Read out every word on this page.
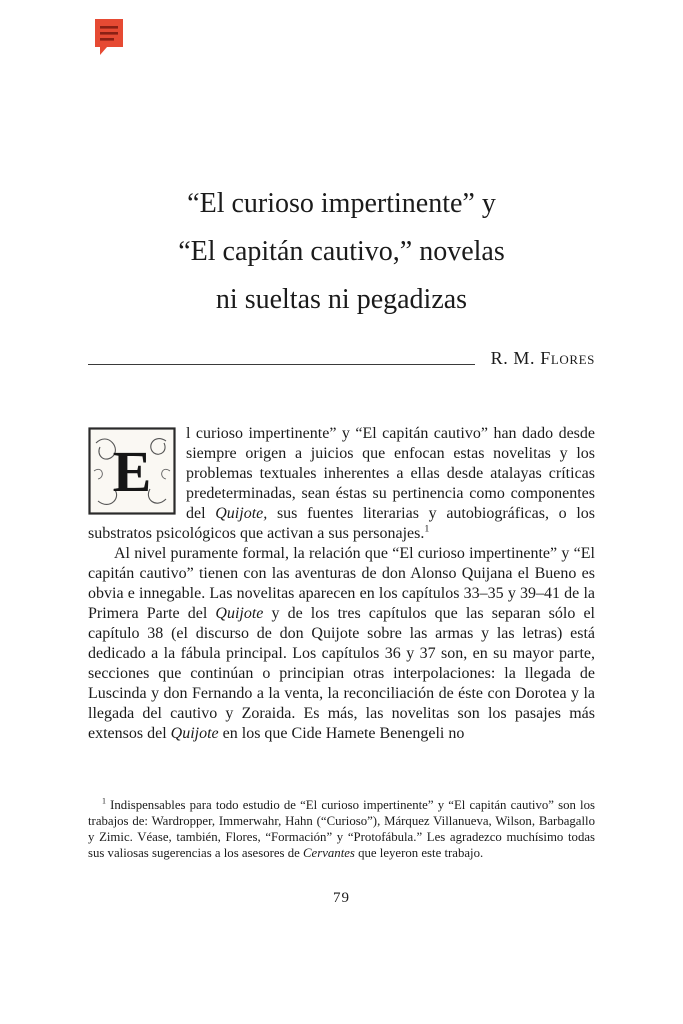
“El curioso impertinente” y
“El capitán cautivo,” novelas
ni sueltas ni pegadizas
R. M. Flores
E
l curioso impertinente” y “El capitán cautivo” han dado desde siempre origen a juicios que enfocan estas novelitas y los problemas textuales inherentes a ellas desde atalayas críticas predeterminadas, sean éstas su pertinencia como componentes del Quijote, sus fuentes literarias y autobiográficas, o los substratos psicológicos que activan a sus personajes.$^1$
Al nivel puramente formal, la relación que “El curioso impertinente” y “El capitán cautivo” tienen con las aventuras de don Alonso Quijana el Bueno es obvia e innegable. Las novelitas aparecen en los capítulos 33–35 y 39–41 de la Primera Parte del Quijote y de los tres capítulos que las separan sólo el capítulo 38 (el discurso de don Quijote sobre las armas y las letras) está dedicado a la fábula principal. Los capítulos 36 y 37 son, en su mayor parte, secciones que continúan o principian otras interpolaciones: la llegada de Luscinda y don Fernando a la venta, la reconciliación de éste con Dorotea y la llegada del cautivo y Zoraida. Es más, las novelitas son los pasajes más extensos del Quijote en los que Cide Hamete Benengeli no
$^1$ Indispensables para todo estudio de “El curioso impertinente” y “El capitán cautivo” son los trabajos de: Wardropper, Immerwahr, Hahn (“Curioso”), Márquez Villanueva, Wilson, Barbagallo y Zimic. Véase, también, Flores, “Formación” y “Protofábula.” Les agradezco muchísimo todas sus valiosas sugerencias a los asesores de Cervantes que leyeron este trabajo.
79
